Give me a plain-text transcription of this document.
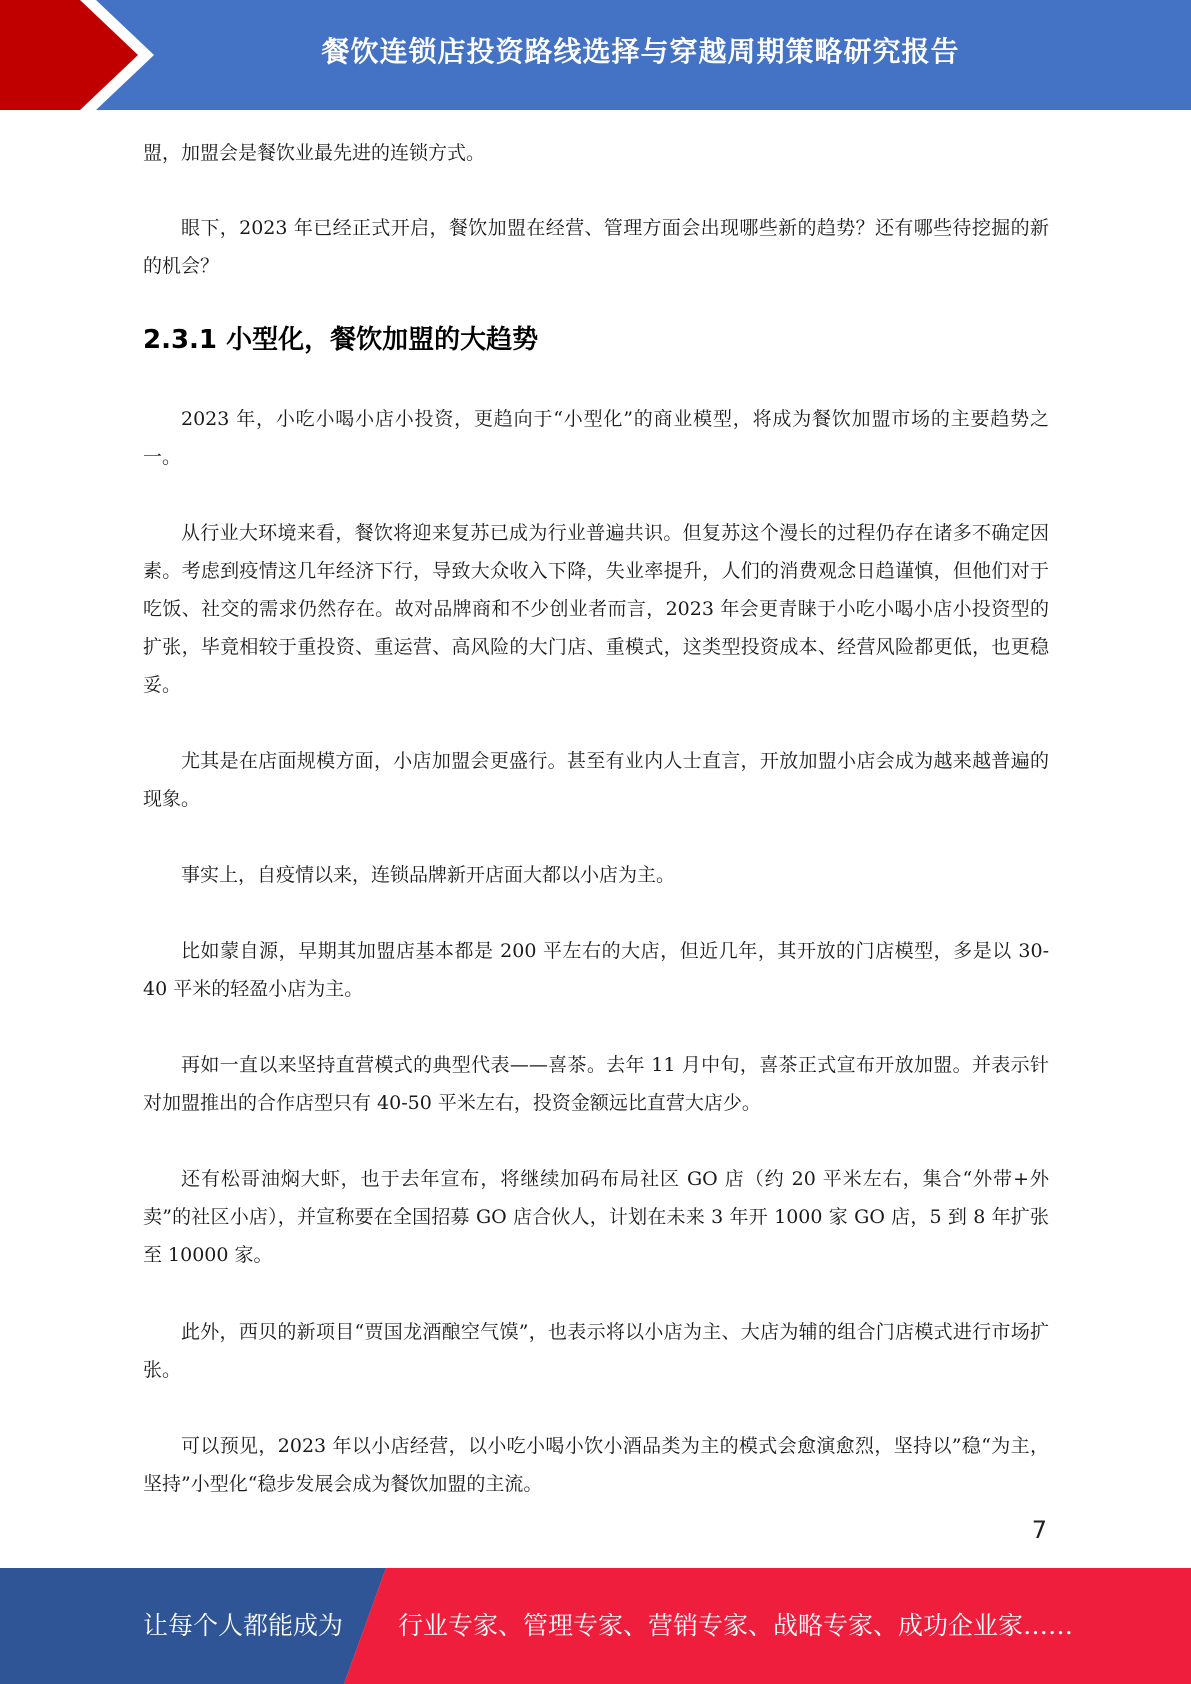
餐饮连锁店投资路线选择与穿越周期策略研究报告

盟，加盟会是餐饮业最先进的连锁方式。

眼下，2023 年已经正式开启，餐饮加盟在经营、管理方面会出现哪些新的趋势？还有哪些待挖掘的新的机会？

2.3.1 小型化，餐饮加盟的大趋势

2023 年，小吃小喝小店小投资，更趋向于“小型化”的商业模型，将成为餐饮加盟市场的主要趋势之一。

从行业大环境来看，餐饮将迎来复苏已成为行业普遍共识。但复苏这个漫长的过程仍存在诸多不确定因素。考虑到疫情这几年经济下行，导致大众收入下降，失业率提升，人们的消费观念日趋谨慎，但他们对于吃饭、社交的需求仍然存在。故对品牌商和不少创业者而言，2023 年会更青睐于小吃小喝小店小投资型的扩张，毕竟相较于重投资、重运营、高风险的大门店、重模式，这类型投资成本、经营风险都更低，也更稳妥。

尤其是在店面规模方面，小店加盟会更盛行。甚至有业内人士直言，开放加盟小店会成为越来越普遍的现象。

事实上，自疫情以来，连锁品牌新开店面大都以小店为主。

比如蒙自源，早期其加盟店基本都是 200 平左右的大店，但近几年，其开放的门店模型，多是以 30-40 平米的轻盈小店为主。

再如一直以来坚持直营模式的典型代表——喜茶。去年 11 月中旬，喜茶正式宣布开放加盟。并表示针对加盟推出的合作店型只有 40-50 平米左右，投资金额远比直营大店少。

还有松哥油焖大虾，也于去年宣布，将继续加码布局社区 GO 店（约 20 平米左右，集合“外带+外卖”的社区小店），并宣称要在全国招募 GO 店合伙人，计划在未来 3 年开 1000 家 GO 店，5 到 8 年扩张至 10000 家。

此外，西贝的新项目“贾国龙酒酿空气馍”，也表示将以小店为主、大店为辅的组合门店模式进行市场扩张。

可以预见，2023 年以小店经营，以小吃小喝小饮小酒品类为主的模式会愈演愈烈，坚持以”稳“为主，坚持”小型化“稳步发展会成为餐饮加盟的主流。

7
让每个人都能成为 行业专家、管理专家、营销专家、战略专家、成功企业家……
